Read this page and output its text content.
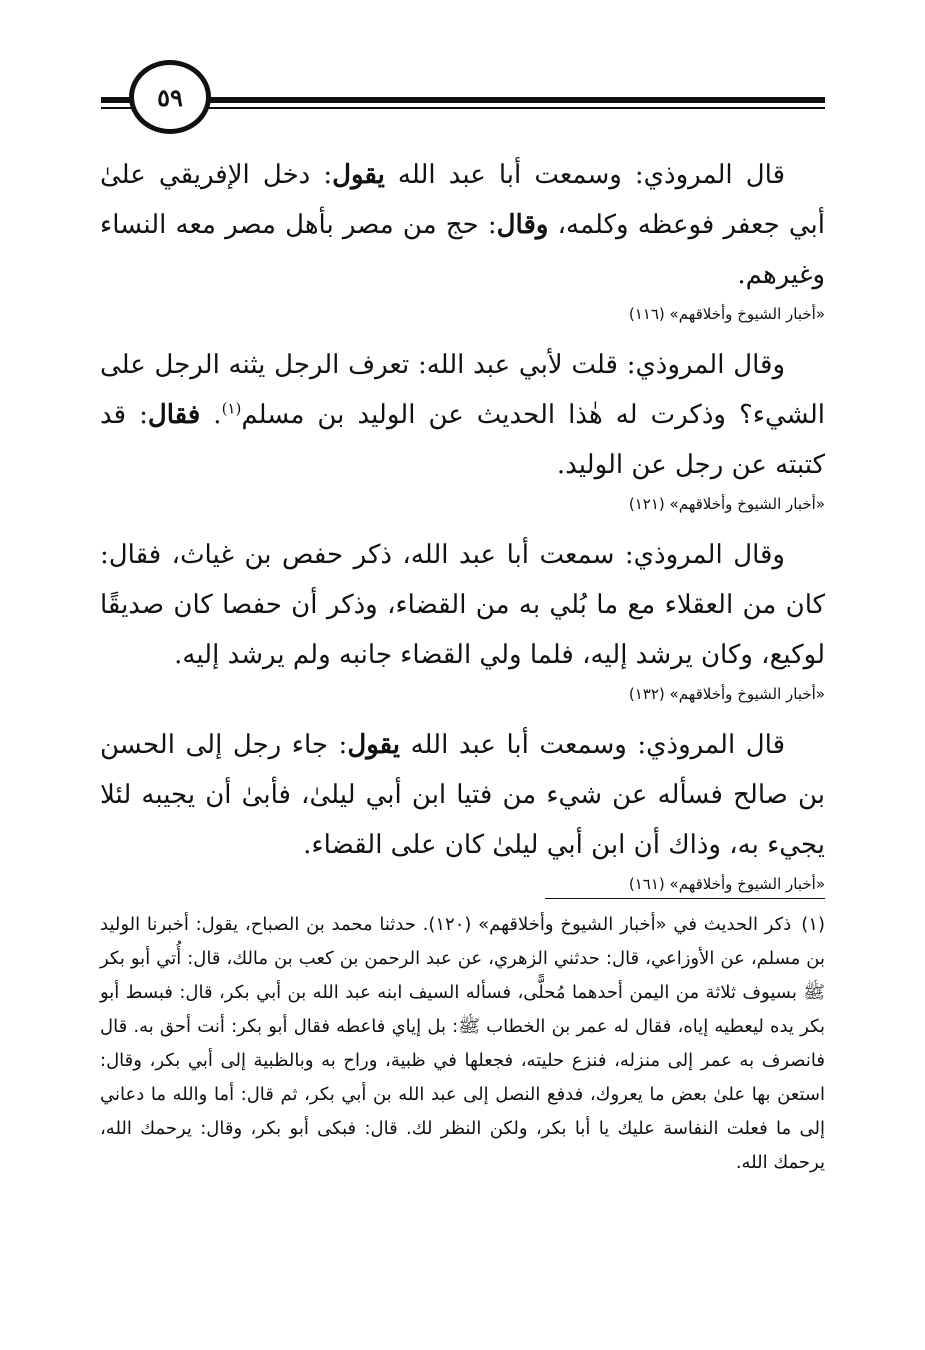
٥٩

قال المروذي: وسمعت أبا عبد الله يقول: دخل الإفريقي علىٰ أبي جعفر فوعظه وكلمه، وقال: حج من مصر بأهل مصر معه النساء وغيرهم.

«أخبار الشيوخ وأخلاقهم» (١١٦)

وقال المروذي: قلت لأبي عبد الله: تعرف الرجل يثنه الرجل على الشيء؟ وذكرت له هٰذا الحديث عن الوليد بن مسلم$^{(١)}$. فقال: قد كتبته عن رجل عن الوليد.

«أخبار الشيوخ وأخلاقهم» (١٢١)

وقال المروذي: سمعت أبا عبد الله، ذكر حفص بن غياث، فقال: كان من العقلاء مع ما بُلي به من القضاء، وذكر أن حفصا كان صديقًا لوكيع، وكان يرشد إليه، فلما ولي القضاء جانبه ولم يرشد إليه.

«أخبار الشيوخ وأخلاقهم» (١٣٢)

قال المروذي: وسمعت أبا عبد الله يقول: جاء رجل إلى الحسن بن صالح فسأله عن شيء من فتيا ابن أبي ليلىٰ، فأبىٰ أن يجيبه لئلا يجيء به، وذاك أن ابن أبي ليلىٰ كان على القضاء.

«أخبار الشيوخ وأخلاقهم» (١٦١)
(١)ذكر الحديث في «أخبار الشيوخ وأخلاقهم» (١٢٠). حدثنا محمد بن الصباح، يقول: أخبرنا الوليد بن مسلم، عن الأوزاعي، قال: حدثني الزهري، عن عبد الرحمن بن كعب بن مالك، قال: أُتي أبو بكر ﷺ بسيوف ثلاثة من اليمن أحدهما مُحلًّى، فسأله السيف ابنه عبد الله بن أبي بكر، قال: فبسط أبو بكر يده ليعطيه إياه، فقال له عمر بن الخطاب ﷺ: بل إياي فاعطه فقال أبو بكر: أنت أحق به. قال فانصرف به عمر إلى منزله، فنزع حليته، فجعلها في ظبية، وراح به وبالظبية إلى أبي بكر، وقال: استعن بها علىٰ بعض ما يعروك، فدفع النصل إلى عبد الله بن أبي بكر، ثم قال: أما والله ما دعاني إلى ما فعلت النفاسة عليك يا أبا بكر، ولكن النظر لك. قال: فبكى أبو بكر، وقال: يرحمك الله، يرحمك الله.
